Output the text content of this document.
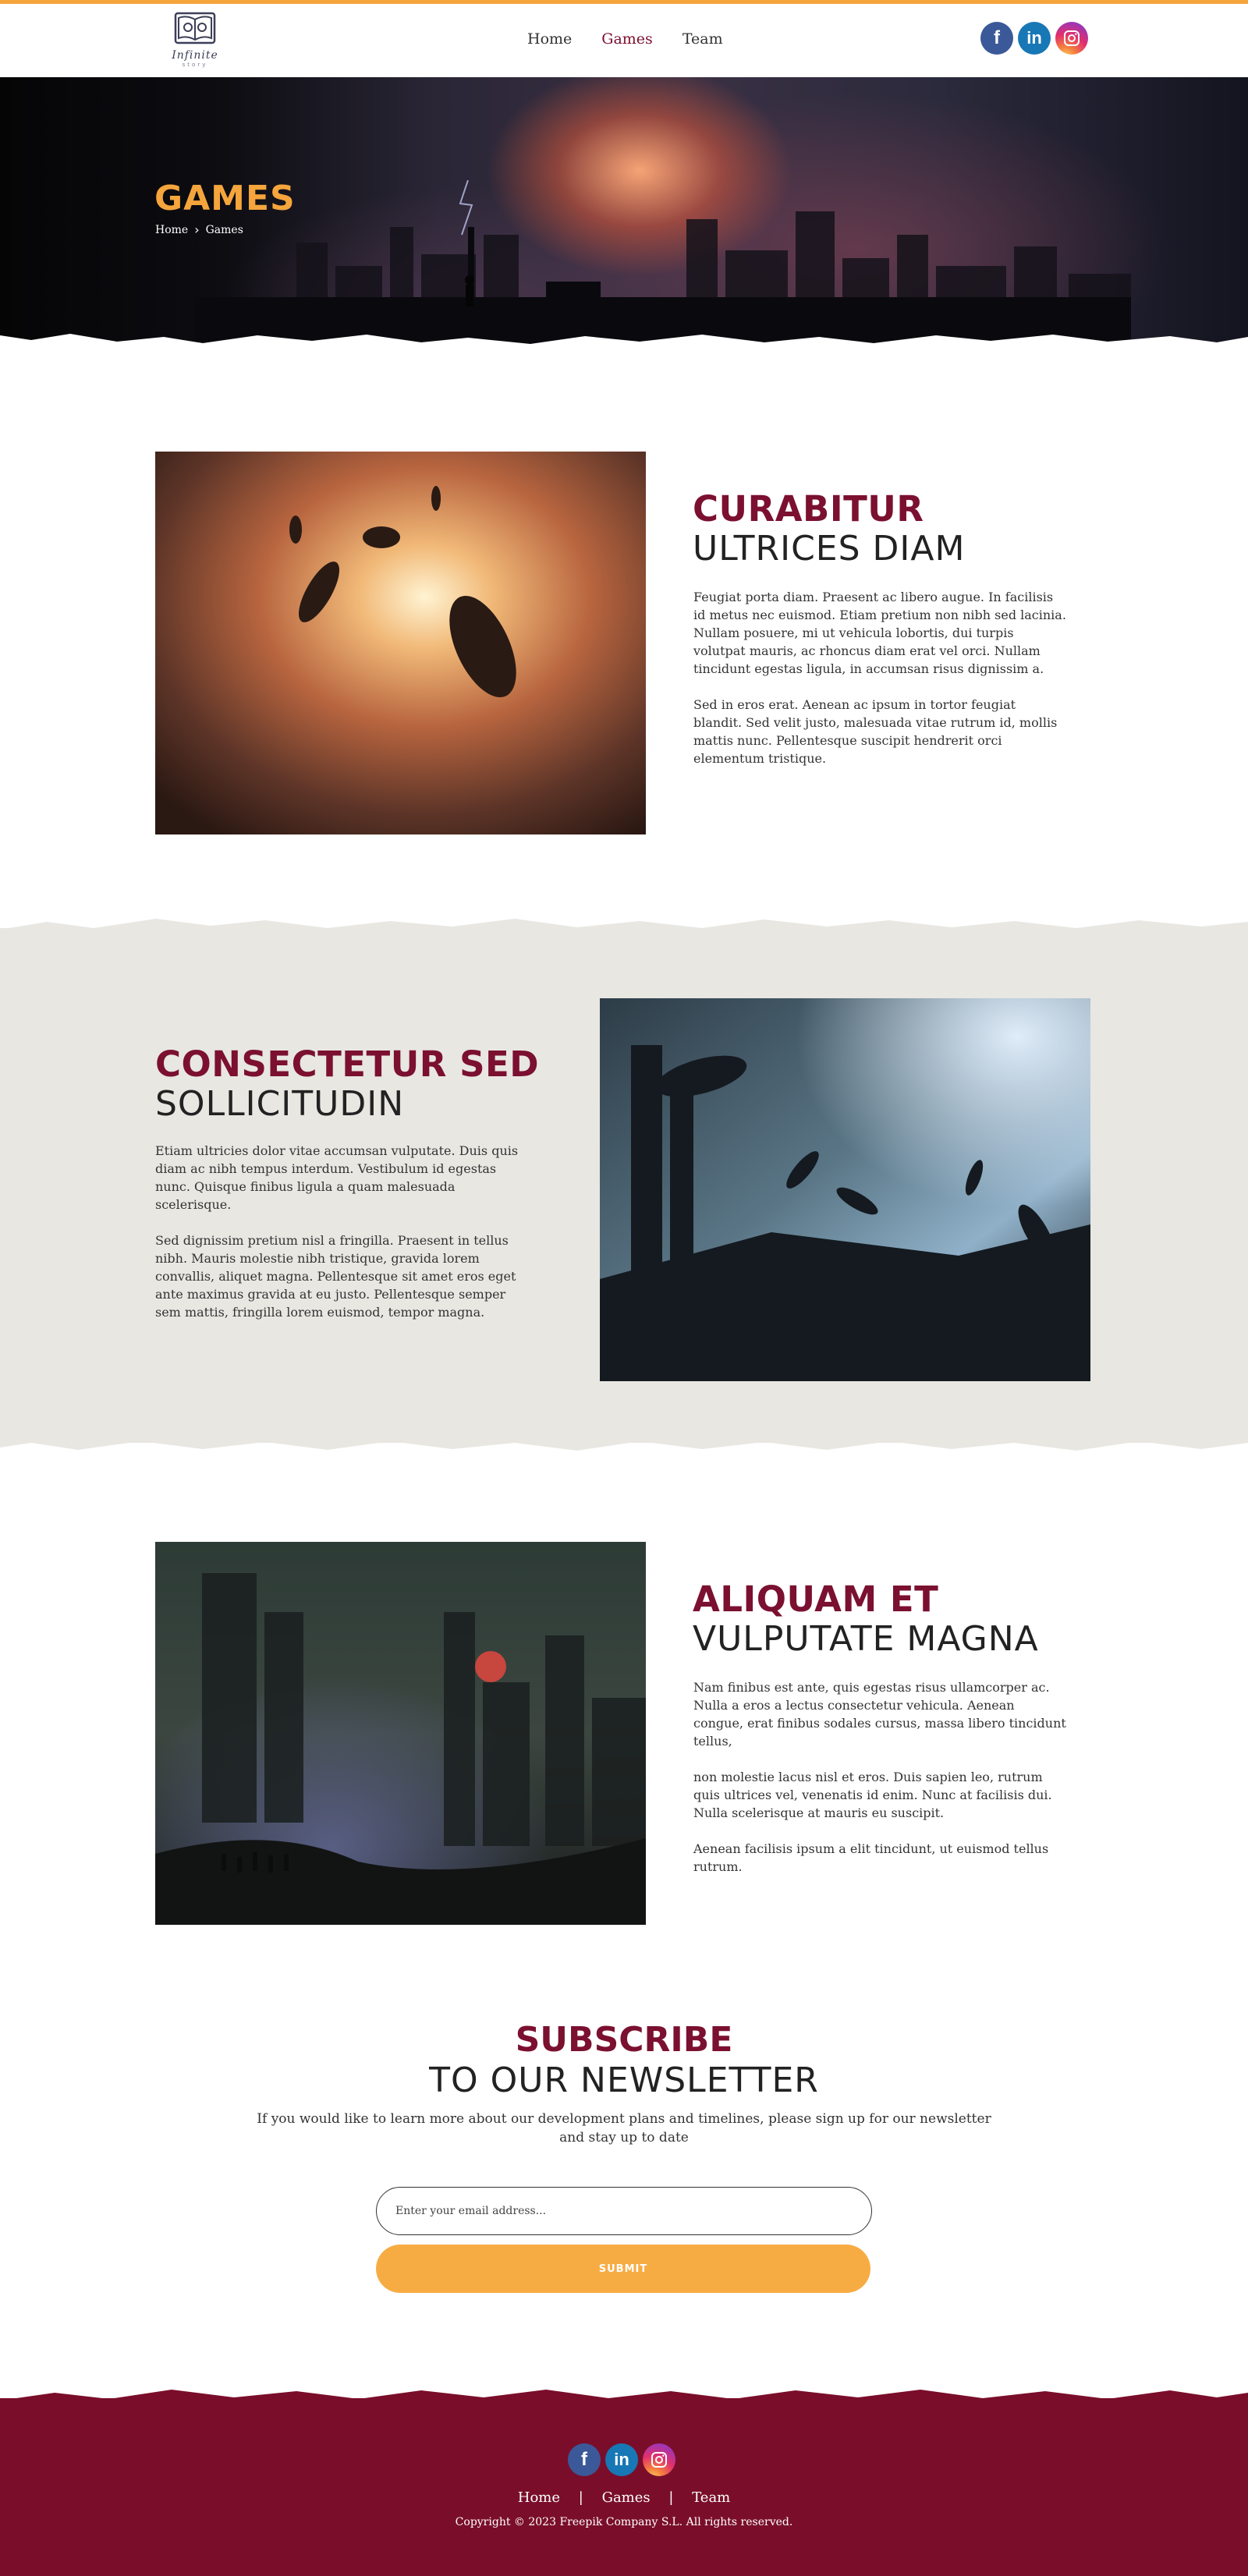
Infinite
story
Home Games Team	f	in
GAMES
Home › Games
CURABITUR
ULTRICES DIAM

Feugiat porta diam. Praesent ac libero augue. In facilisis id metus nec euismod. Etiam pretium non nibh sed lacinia. Nullam posuere, mi ut vehicula lobortis, dui turpis volutpat mauris, ac rhoncus diam erat vel orci. Nullam tincidunt egestas ligula, in accumsan risus dignissim a.

Sed in eros erat. Aenean ac ipsum in tortor feugiat blandit. Sed velit justo, malesuada vitae rutrum id, mollis mattis nunc. Pellentesque suscipit hendrerit orci elementum tristique.

CONSECTETUR SED
SOLLICITUDIN

Etiam ultricies dolor vitae accumsan vulputate. Duis quis diam ac nibh tempus interdum. Vestibulum id egestas nunc. Quisque finibus ligula a quam malesuada scelerisque.

Sed dignissim pretium nisl a fringilla. Praesent in tellus nibh. Mauris molestie nibh tristique, gravida lorem convallis, aliquet magna. Pellentesque sit amet eros eget ante maximus gravida at eu justo. Pellentesque semper sem mattis, fringilla lorem euismod, tempor magna.

ALIQUAM ET
VULPUTATE MAGNA

Nam finibus est ante, quis egestas risus ullamcorper ac. Nulla a eros a lectus consectetur vehicula. Aenean congue, erat finibus sodales cursus, massa libero tincidunt tellus,

non molestie lacus nisl et eros. Duis sapien leo, rutrum quis ultrices vel, venenatis id enim. Nunc at facilisis dui. Nulla scelerisque at mauris eu suscipit.

Aenean facilisis ipsum a elit tincidunt, ut euismod tellus rutrum.

SUBSCRIBE
TO OUR NEWSLETTER
If you would like to learn more about our development plans and timelines, please sign up for our newsletter and stay up to date
Enter your email address...
SUBMIT
f	in
Home | Games | Team
Copyright © 2023 Freepik Company S.L. All rights reserved.
